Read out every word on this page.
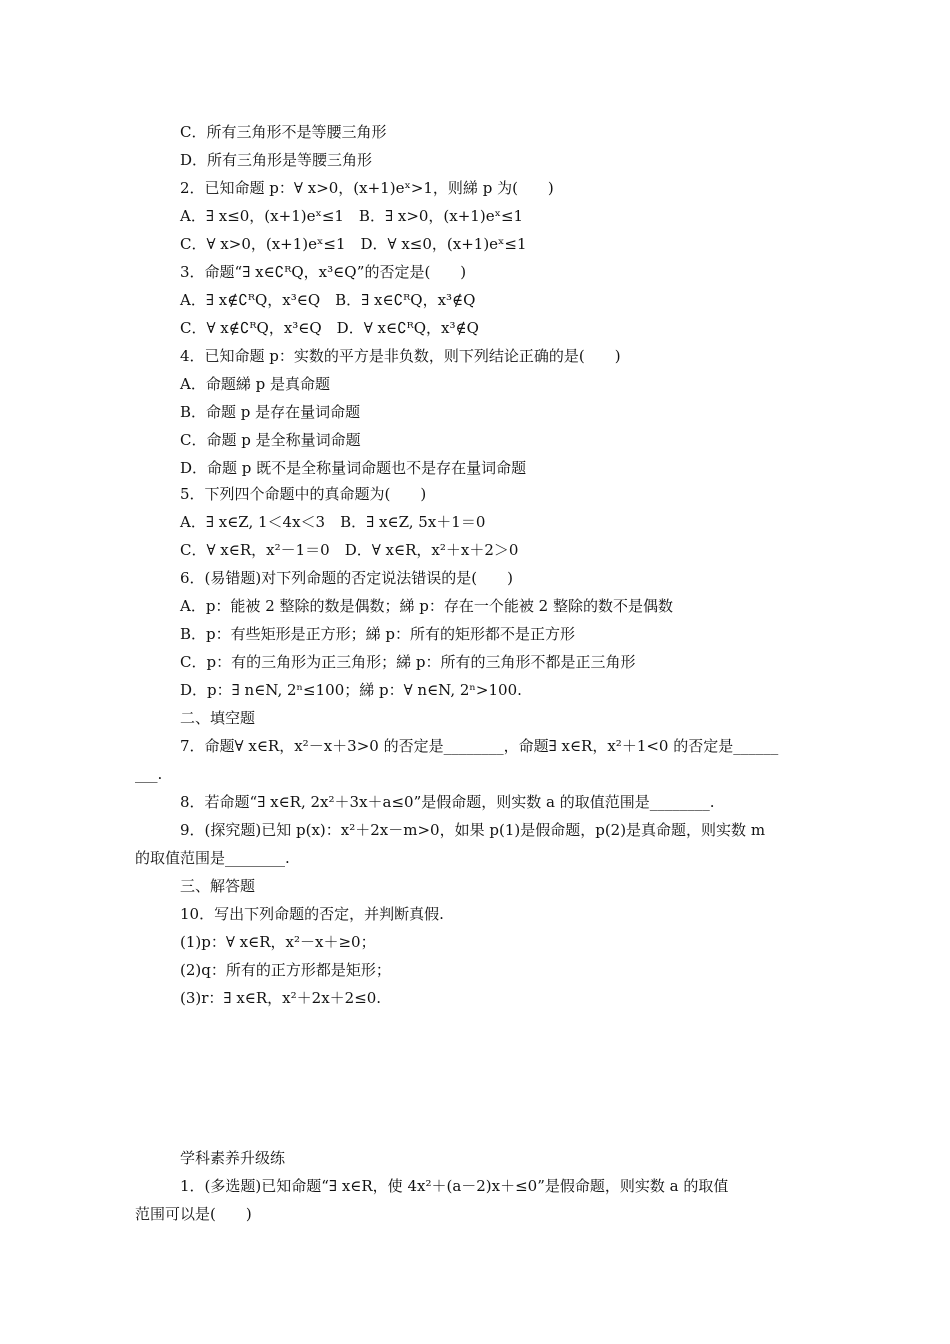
C．所有三角形不是等腰三角形
D．所有三角形是等腰三角形
2．已知命题 p：∀ x>0，(x+1)eˣ>1，则綈 p 为(　　)
A．∃ x≤0，(x+1)eˣ≤1　B．∃ x>0，(x+1)eˣ≤1
C．∀ x>0，(x+1)eˣ≤1　D．∀ x≤0，(x+1)eˣ≤1
3．命题“∃ x∈∁ᴿQ，x³∈Q”的否定是(　　)
A．∃ x∉∁ᴿQ，x³∈Q　B．∃ x∈∁ᴿQ，x³∉Q
C．∀ x∉∁ᴿQ，x³∈Q　D．∀ x∈∁ᴿQ，x³∉Q
4．已知命题 p：实数的平方是非负数，则下列结论正确的是(　　)
A．命题綈 p 是真命题
B．命题 p 是存在量词命题
C．命题 p 是全称量词命题
D．命题 p 既不是全称量词命题也不是存在量词命题
5．下列四个命题中的真命题为(　　)
A．∃ x∈Z, 1＜4x＜3　B．∃ x∈Z, 5x＋1＝0
C．∀ x∈R，x²－1＝0　D．∀ x∈R，x²＋x＋2＞0
6．(易错题)对下列命题的否定说法错误的是(　　)
A．p：能被 2 整除的数是偶数；綈 p：存在一个能被 2 整除的数不是偶数
B．p：有些矩形是正方形；綈 p：所有的矩形都不是正方形
C．p：有的三角形为正三角形；綈 p：所有的三角形不都是正三角形
D．p：∃ n∈N, 2ⁿ≤100；綈 p：∀ n∈N, 2ⁿ>100.
二、填空题
7．命题∀ x∈R，x²－x＋3>0 的否定是________，命题∃ x∈R，x²＋1<0 的否定是______
___.
8．若命题“∃ x∈R, 2x²＋3x＋a≤0”是假命题，则实数 a 的取值范围是________.
9．(探究题)已知 p(x)：x²＋2x－m>0，如果 p(1)是假命题，p(2)是真命题，则实数 m
的取值范围是________.
三、解答题
10．写出下列命题的否定，并判断真假.
(1)p：∀ x∈R，x²－x＋≥0；
(2)q：所有的正方形都是矩形；
(3)r：∃ x∈R，x²＋2x＋2≤0.
学科素养升级练
1．(多选题)已知命题“∃ x∈R，使 4x²＋(a－2)x＋≤0”是假命题，则实数 a 的取值
范围可以是(　　)
